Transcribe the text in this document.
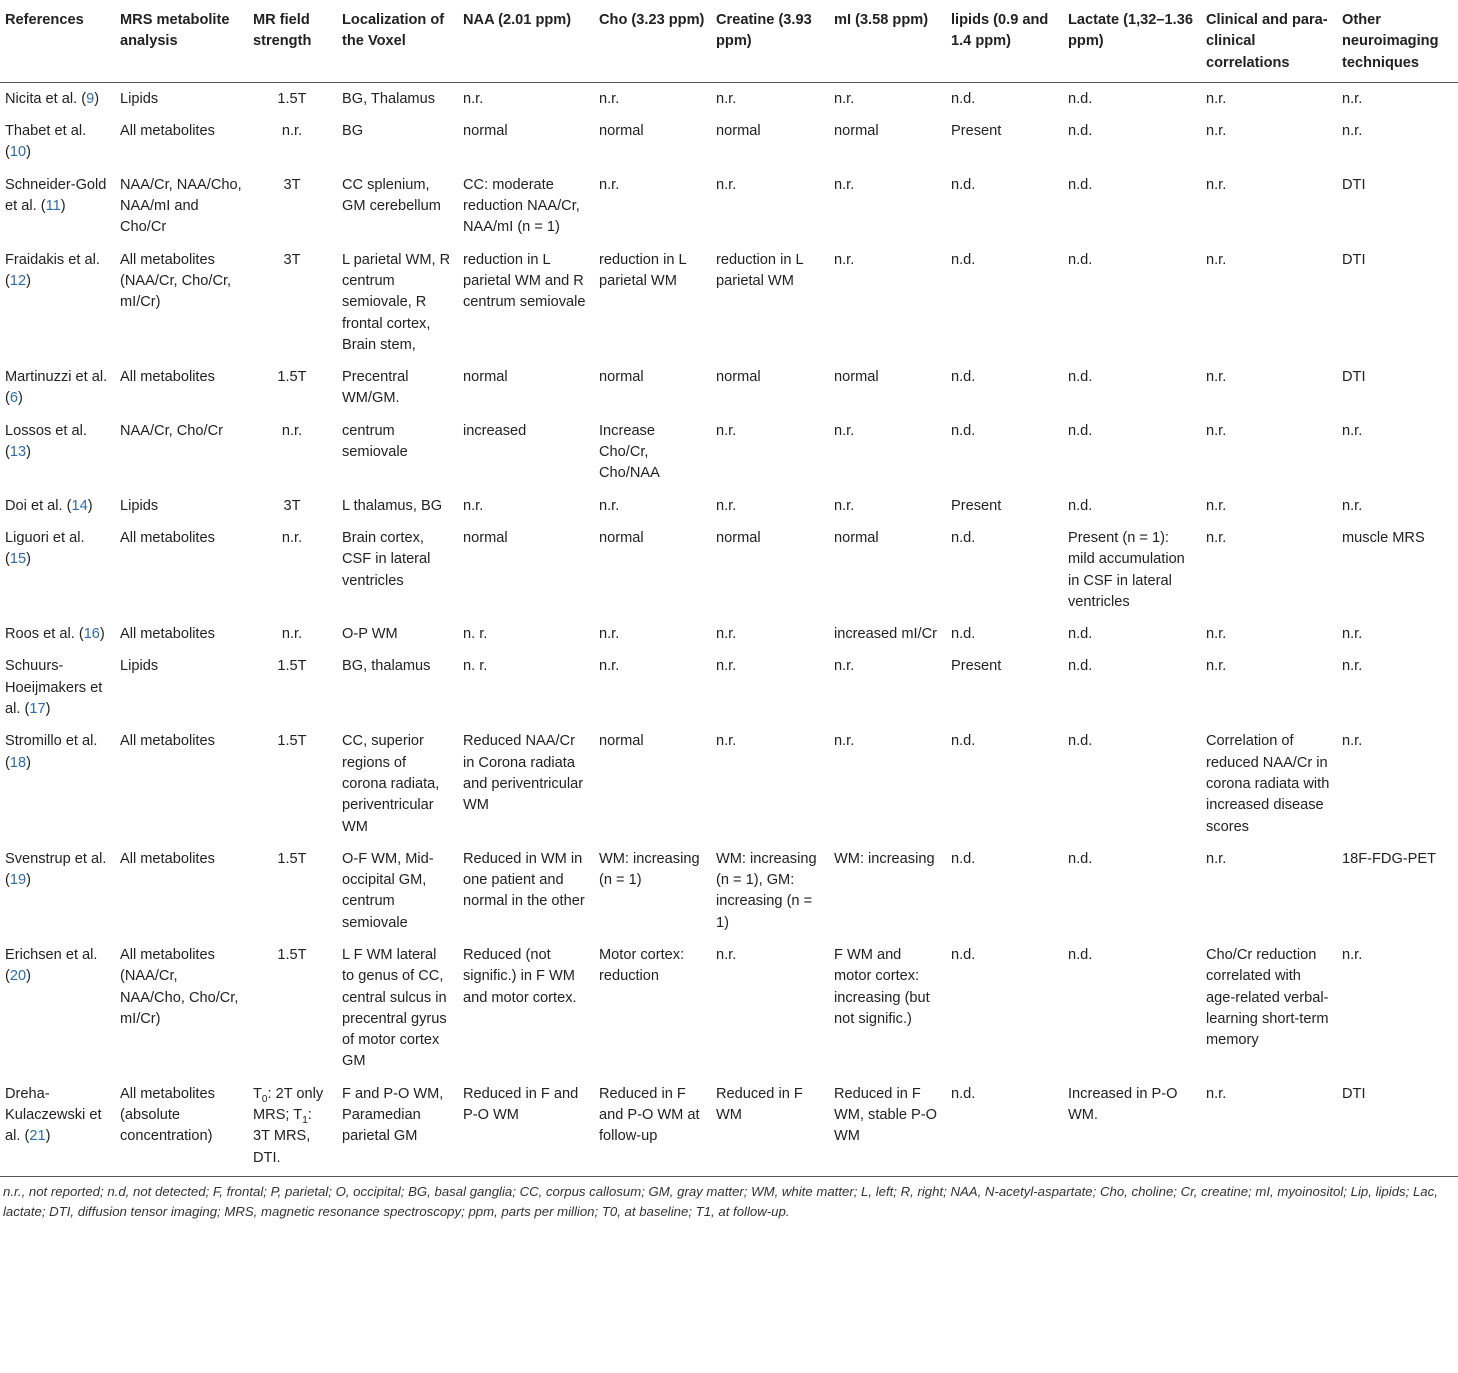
References	MRS metabolite analysis	MR field strength	Localization of the Voxel	NAA (2.01 ppm)	Cho (3.23 ppm)	Creatine (3.93 ppm)	mI (3.58 ppm)	lipids (0.9 and 1.4 ppm)	Lactate (1,32–1.36 ppm)	Clinical and para-clinical correlations	Other neuroimaging techniques
Nicita et al. (9)	Lipids	1.5T	BG, Thalamus	n.r.	n.r.	n.r.	n.r.	n.d.	n.d.	n.r.	n.r.
Thabet et al. (10)	All metabolites	n.r.	BG	normal	normal	normal	normal	Present	n.d.	n.r.	n.r.
Schneider-Gold et al. (11)	NAA/Cr, NAA/Cho, NAA/mI and Cho/Cr	3T	CC splenium, GM cerebellum	CC: moderate reduction NAA/Cr, NAA/mI (n = 1)	n.r.	n.r.	n.r.	n.d.	n.d.	n.r.	DTI
Fraidakis et al. (12)	All metabolites (NAA/Cr, Cho/Cr, mI/Cr)	3T	L parietal WM, R centrum semiovale, R frontal cortex, Brain stem,	reduction in L parietal WM and R centrum semiovale	reduction in L parietal WM	reduction in L parietal WM	n.r.	n.d.	n.d.	n.r.	DTI
Martinuzzi et al. (6)	All metabolites	1.5T	Precentral WM/GM.	normal	normal	normal	normal	n.d.	n.d.	n.r.	DTI
Lossos et al. (13)	NAA/Cr, Cho/Cr	n.r.	centrum semiovale	increased	Increase Cho/Cr, Cho/NAA	n.r.	n.r.	n.d.	n.d.	n.r.	n.r.
Doi et al. (14)	Lipids	3T	L thalamus, BG	n.r.	n.r.	n.r.	n.r.	Present	n.d.	n.r.	n.r.
Liguori et al. (15)	All metabolites	n.r.	Brain cortex, CSF in lateral ventricles	normal	normal	normal	normal	n.d.	Present (n = 1): mild accumulation in CSF in lateral ventricles	n.r.	muscle MRS
Roos et al. (16)	All metabolites	n.r.	O-P WM	n. r.	n.r.	n.r.	increased mI/Cr	n.d.	n.d.	n.r.	n.r.
Schuurs-Hoeijmakers et al. (17)	Lipids	1.5T	BG, thalamus	n. r.	n.r.	n.r.	n.r.	Present	n.d.	n.r.	n.r.
Stromillo et al. (18)	All metabolites	1.5T	CC, superior regions of corona radiata, periventricular WM	Reduced NAA/Cr in Corona radiata and periventricular WM	normal	n.r.	n.r.	n.d.	n.d.	Correlation of reduced NAA/Cr in corona radiata with increased disease scores	n.r.
Svenstrup et al. (19)	All metabolites	1.5T	O-F WM, Mid-occipital GM, centrum semiovale	Reduced in WM in one patient and normal in the other	WM: increasing (n = 1)	WM: increasing (n = 1), GM: increasing (n = 1)	WM: increasing	n.d.	n.d.	n.r.	18F-FDG-PET
Erichsen et al. (20)	All metabolites (NAA/Cr, NAA/Cho, Cho/Cr, mI/Cr)	1.5T	L F WM lateral to genus of CC, central sulcus in precentral gyrus of motor cortex GM	Reduced (not signific.) in F WM and motor cortex.	Motor cortex: reduction	n.r.	F WM and motor cortex: increasing (but not signific.)	n.d.	n.d.	Cho/Cr reduction correlated with age-related verbal-learning short-term memory	n.r.
Dreha-Kulaczewski et al. (21)	All metabolites (absolute concentration)	$T_0$: 2T only MRS; $T_1$: 3T MRS, DTI.	F and P-O WM, Paramedian parietal GM	Reduced in F and P-O WM	Reduced in F and P-O WM at follow-up	Reduced in F WM	Reduced in F WM, stable P-O WM	n.d.	Increased in P-O WM.	n.r.	DTI
n.r., not reported; n.d, not detected; F, frontal; P, parietal; O, occipital; BG, basal ganglia; CC, corpus callosum; GM, gray matter; WM, white matter; L, left; R, right; NAA, N-acetyl-aspartate; Cho, choline; Cr, creatine; mI, myoinositol; Lip, lipids; Lac, lactate; DTI, diffusion tensor imaging; MRS, magnetic resonance spectroscopy; ppm, parts per million; T0, at baseline; T1, at follow-up.
